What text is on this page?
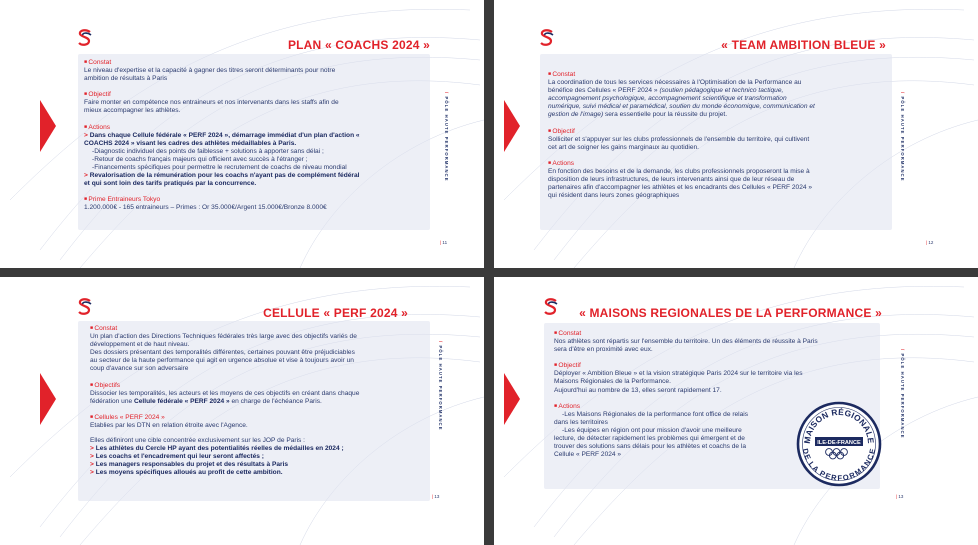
PLAN « COACHS 2024 »
■ Constat
Le niveau d'expertise et la capacité à gagner des titres seront déterminants pour notre
ambition de résultats à Paris
■ Objectif
Faire monter en compétence nos entraineurs et nos intervenants dans les staffs afin de
mieux accompagner les athlètes.
■ Actions
> Dans chaque Cellule fédérale « PERF 2024 », démarrage immédiat d'un plan d'action «
COACHS 2024 » visant les cadres des athlètes médaillables à Paris.
-Diagnostic individuel des points de faiblesse + solutions à apporter sans délai ;
-Retour de coachs français majeurs qui officient avec succès à l'étranger ;
-Financements spécifiques pour permettre le recrutement de coachs de niveau mondial
> Revalorisation de la rémunération pour les coachs n'ayant pas de complément fédéral
et qui sont loin des tarifs pratiqués par la concurrence.
■ Prime Entraineurs Tokyo
1.200.000€ - 165 entraineurs – Primes : Or 35.000€/Argent 15.000€/Bronze 8.000€
/ PÔLE HAUTE PERFORMANCE
| 11
« TEAM AMBITION BLEUE »
■ Constat
La coordination de tous les services nécessaires à l'Optimisation de la Performance au
bénéfice des Cellules « PERF 2024 » (soutien pédagogique et technico tactique,
accompagnement psychologique, accompagnement scientifique et transformation
numérique, suivi médical et paramédical, soutien du monde économique, communication et
gestion de l'image) sera essentielle pour la réussite du projet.
■ Objectif
Solliciter et s'appuyer sur les clubs professionnels de l'ensemble du territoire, qui cultivent
cet art de soigner les gains marginaux au quotidien.
■ Actions
En fonction des besoins et de la demande, les clubs professionnels proposeront la mise à
disposition de leurs infrastructures, de leurs intervenants ainsi que de leur réseau de
partenaires afin d'accompagner les athlètes et les encadrants des Cellules « PERF 2024 »
qui résident dans leurs zones géographiques
/ PÔLE HAUTE PERFORMANCE
| 12
CELLULE « PERF 2024 »
■ Constat
Un plan d'action des Directions Techniques fédérales très large avec des objectifs variés de
développement et de haut niveau.
Des dossiers présentant des temporalités différentes, certaines pouvant être préjudiciables
au secteur de la haute performance qui agit en urgence absolue et vise à toujours avoir un
coup d'avance sur son adversaire
■ Objectifs
Dissocier les temporalités, les acteurs et les moyens de ces objectifs en créant dans chaque
fédération une Cellule fédérale « PERF 2024 » en charge de l'échéance Paris.
■ Cellules « PERF 2024 »
Etablies par les DTN en relation étroite avec l'Agence.
Elles définiront une cible concentrée exclusivement sur les JOP de Paris :
> Les athlètes du Cercle HP ayant des potentialités réelles de médailles en 2024 ;
> Les coachs et l'encadrement qui leur seront affectés ;
> Les managers responsables du projet et des résultats à Paris
> Les moyens spécifiques alloués au profit de cette ambition.
/ PÔLE HAUTE PERFORMANCE
| 13
« MAISONS REGIONALES DE LA PERFORMANCE »
■ Constat
Nos athlètes sont répartis sur l'ensemble du territoire. Un des éléments de réussite à Paris
sera d'être en proximité avec eux.
■ Objectif
Déployer « Ambition Bleue » et la vision stratégique Paris 2024 sur le territoire via les
Maisons Régionales de la Performance.
Aujourd'hui au nombre de 13, elles seront rapidement 17.
■ Actions
-Les Maisons Régionales de la performance font office de relais
dans les territoires
-Les équipes en région ont pour mission d'avoir une meilleure
lecture, de détecter rapidement les problèmes qui émergent et de
trouver des solutions sans délais pour les athlètes et coachs de la
Cellule « PERF 2024 »
MAISON RÉGIONALE
DE LA PERFORMANCE
ILE-DE-FRANCE
/ PÔLE HAUTE PERFORMANCE
| 13
